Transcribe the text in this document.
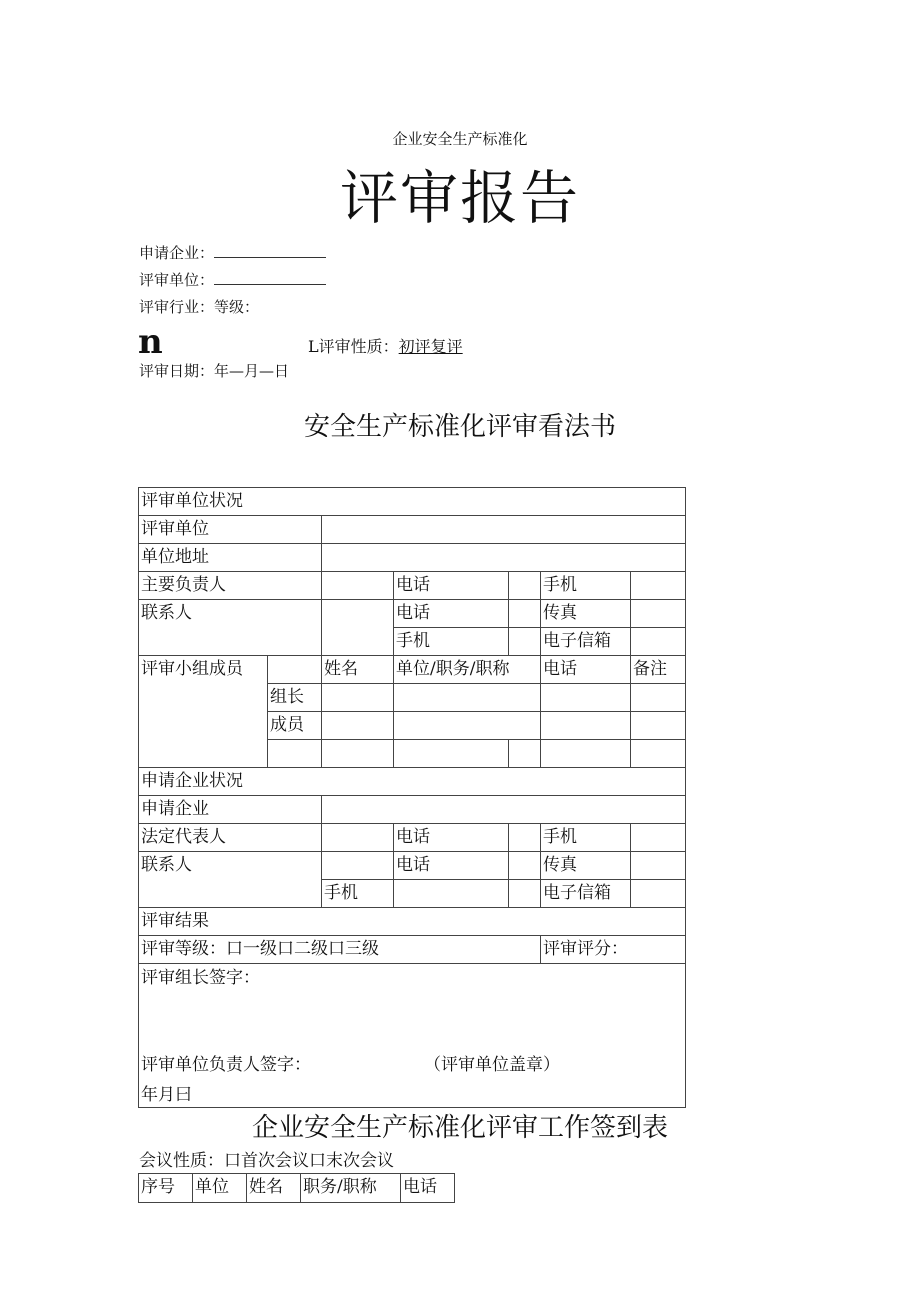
企业安全生产标准化
评审报告
申请企业：
评审单位：
评审行业：等级：
n	L评审性质：初评复评
评审日期：年—月—日
安全生产标准化评审看法书
评审单位状况						
评审单位						
单位地址						
主要负责人			电话		手机	
联系人			电话		传真	
			手机		电子信箱	
评审小组成员		姓名	单位/职务/职称		电话	备注
	组长					
	成员					

申请企业状况						
申请企业						
法定代表人			电话		手机	
联系人			电话		传真	
		手机			电子信箱	
评审结果						
评审等级：口一级口二级口三级					评审评分：	

评审组长签字：
评审单位负责人签字： （评审单位盖章）
年月曰						
企业安全生产标准化评审工作签到表
会议性质：口首次会议口末次会议
序号	单位	姓名	职务/职称	电话
